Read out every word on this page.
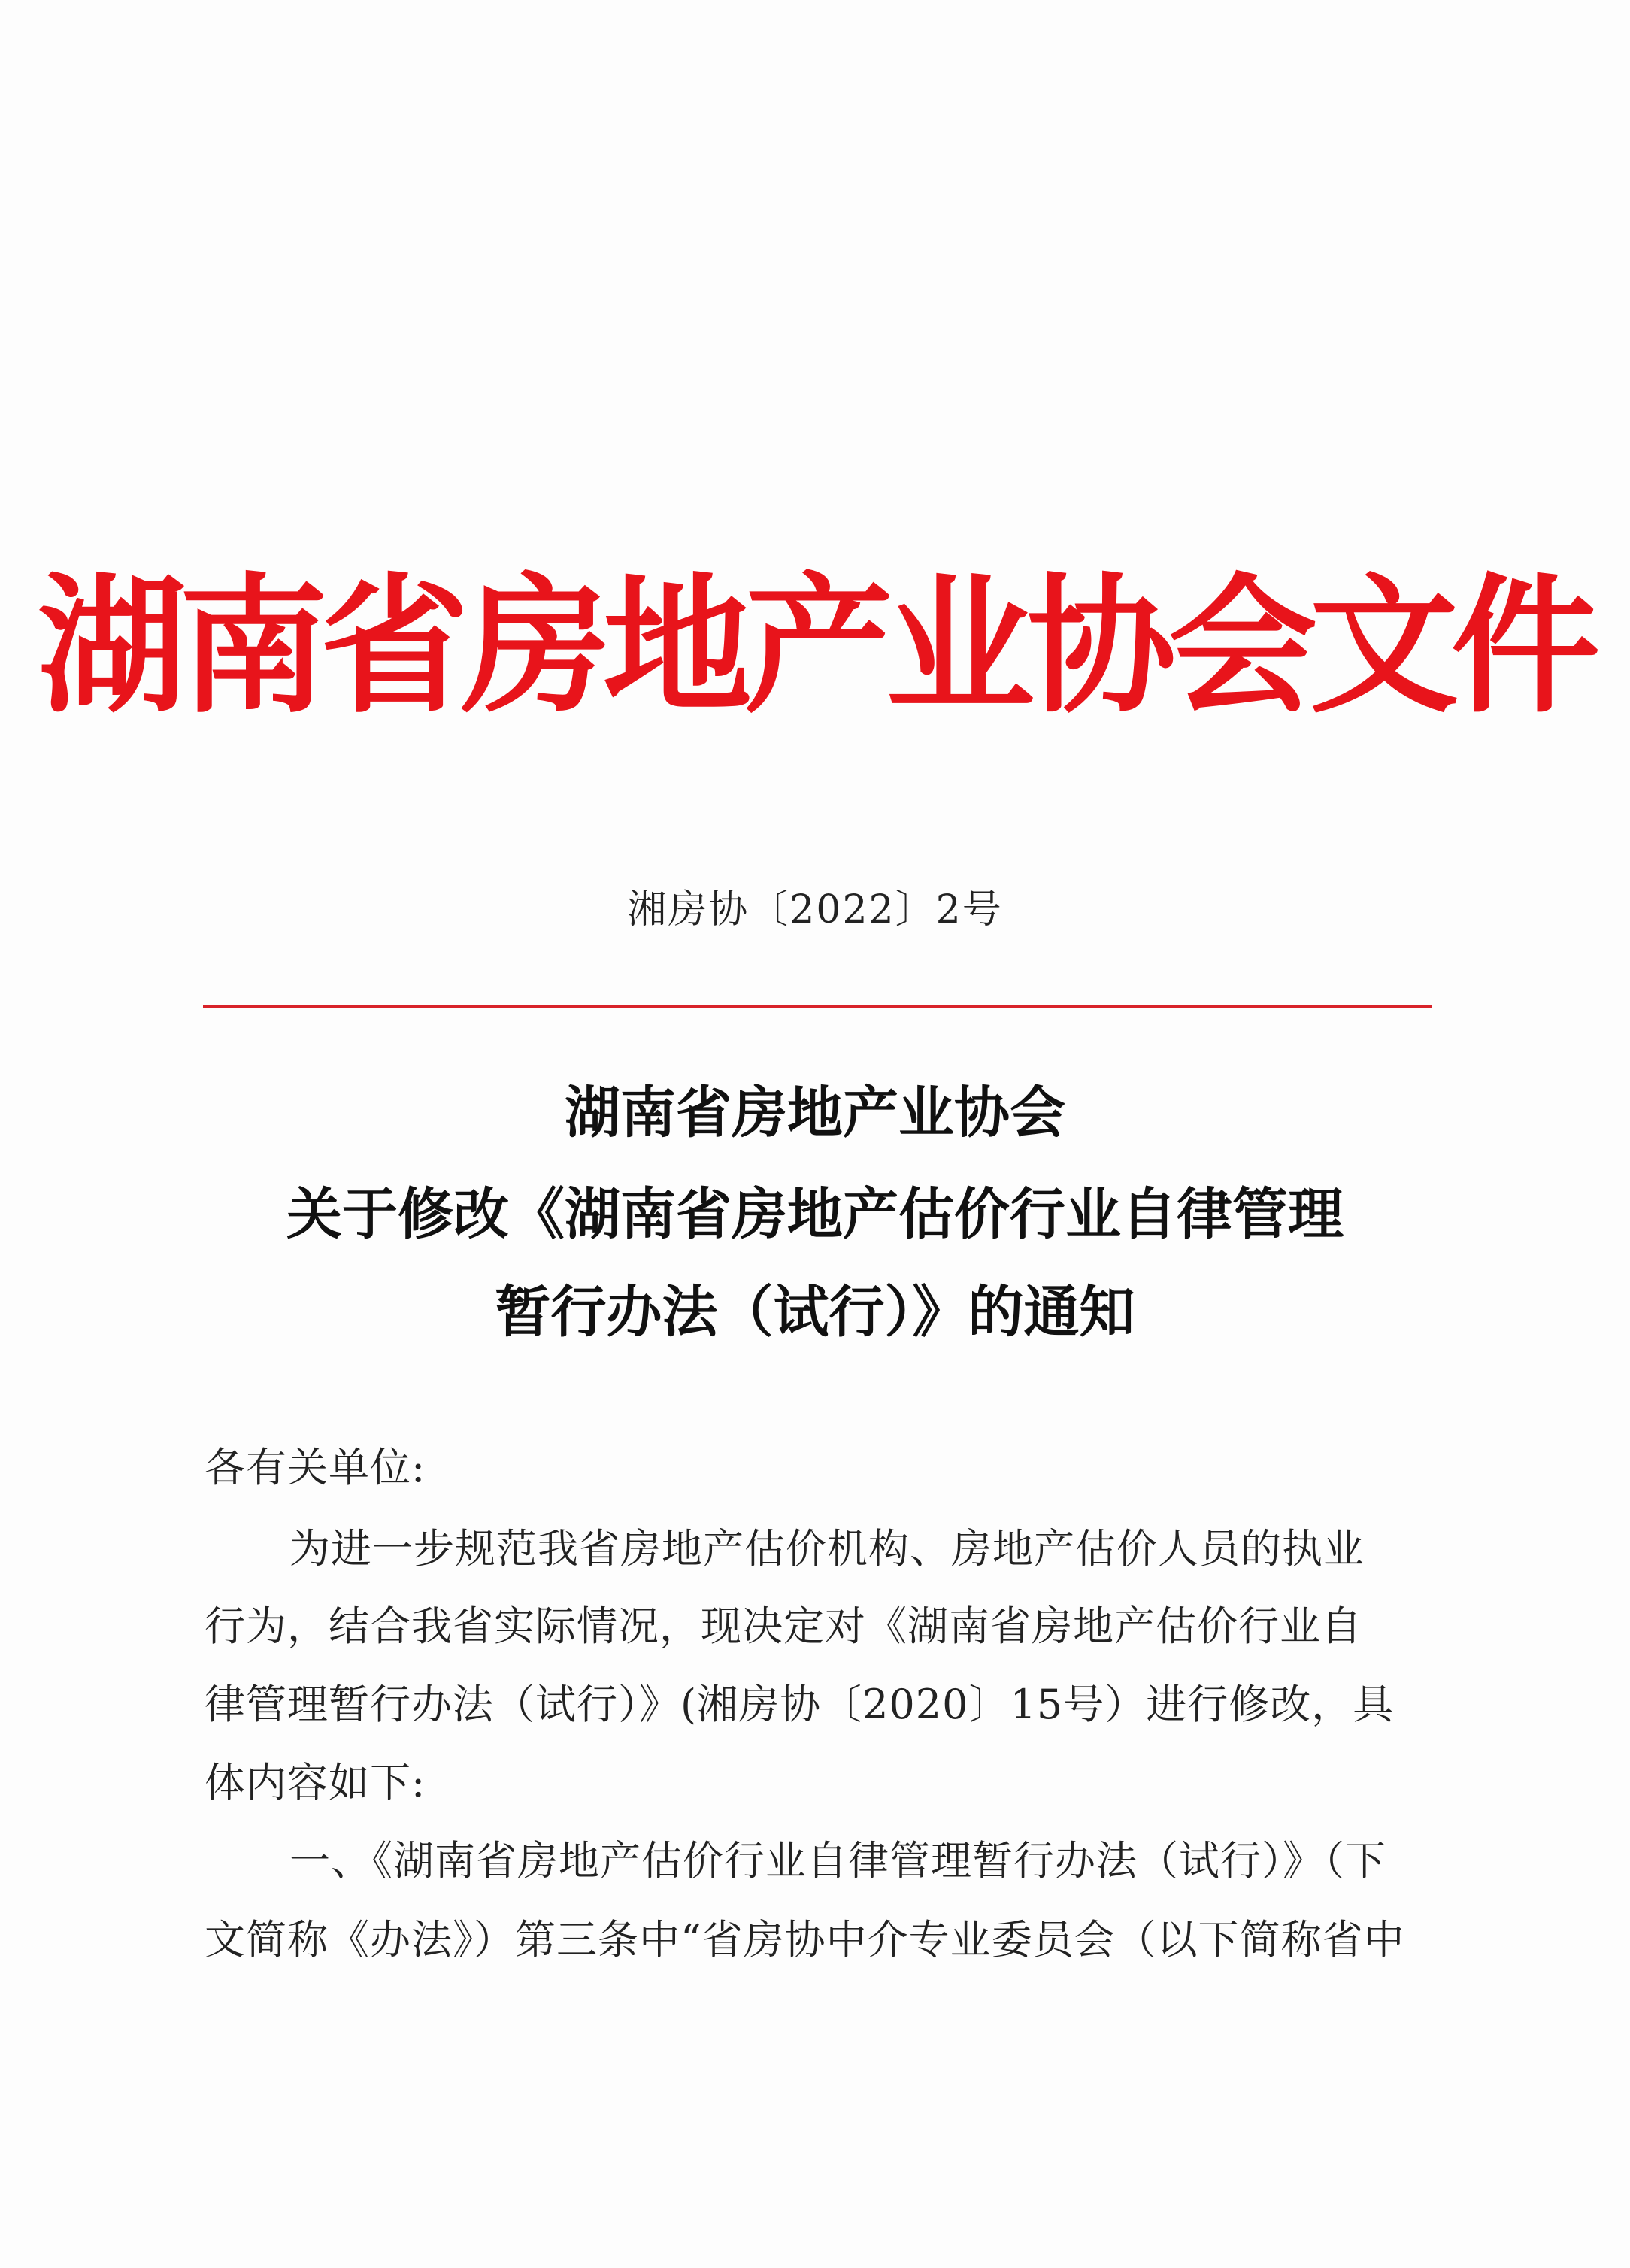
湖南省房地产业协会文件
湘房协〔2022〕2号
湖南省房地产业协会
关于修改《湖南省房地产估价行业自律管理
暂行办法（试行）》的通知
各有关单位:
为进一步规范我省房地产估价机构、房地产估价人员的执业
行为，结合我省实际情况，现决定对《湖南省房地产估价行业自
律管理暂行办法（试行）》(湘房协〔2020〕15号）进行修改，具
体内容如下:
一、《湖南省房地产估价行业自律管理暂行办法（试行）》（下
文简称《办法》）第三条中“省房协中介专业委员会（以下简称省中
